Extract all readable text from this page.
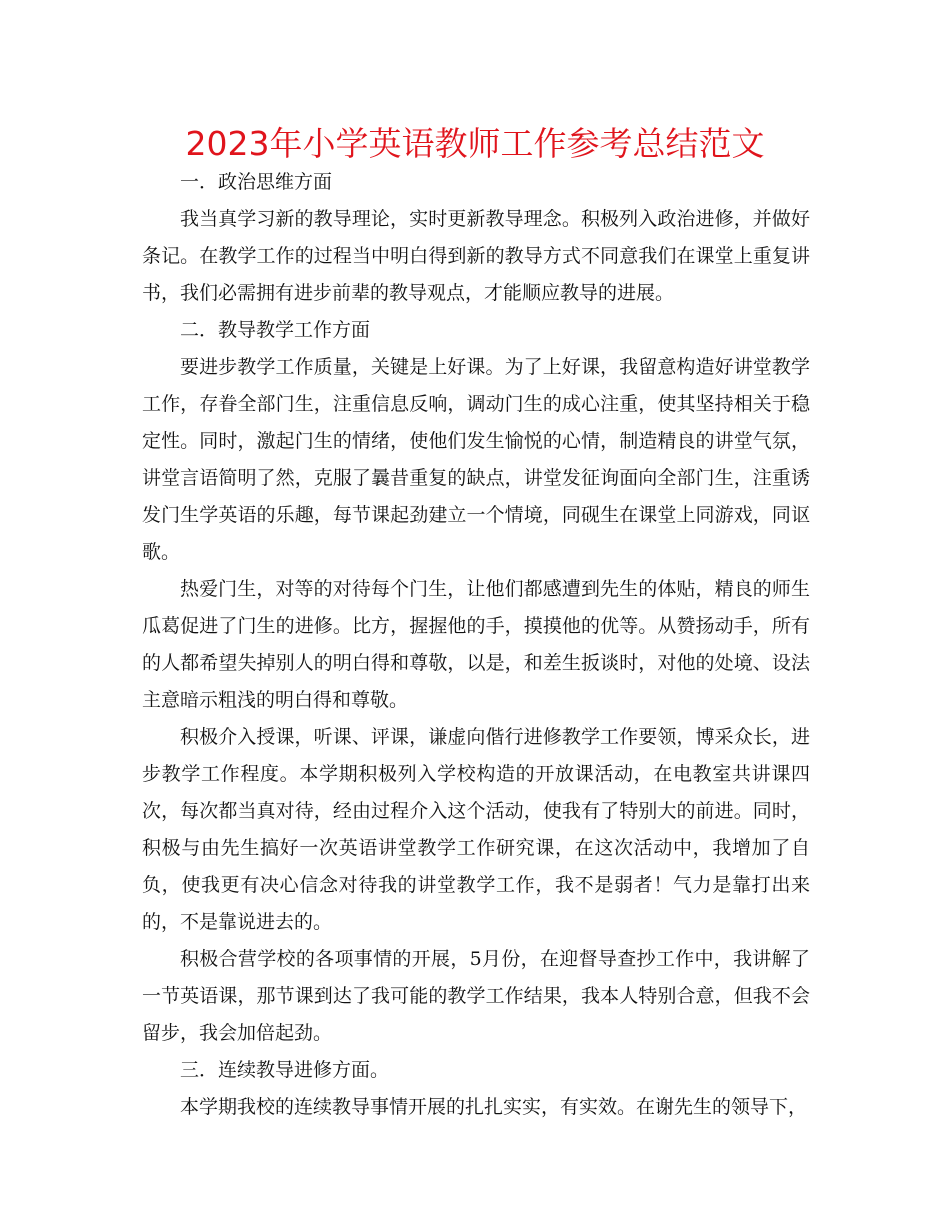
2023年小学英语教师工作参考总结范文

一．政治思维方面

我当真学习新的教导理论，实时更新教导理念。积极列入政治进修，并做好条记。在教学工作的过程当中明白得到新的教导方式不同意我们在课堂上重复讲书，我们必需拥有进步前辈的教导观点，才能顺应教导的进展。

二．教导教学工作方面

要进步教学工作质量，关键是上好课。为了上好课，我留意构造好讲堂教学工作，存眷全部门生，注重信息反响，调动门生的成心注重，使其坚持相关于稳定性。同时，激起门生的情绪，使他们发生愉悦的心情，制造精良的讲堂气氛，讲堂言语简明了然，克服了曩昔重复的缺点，讲堂发征询面向全部门生，注重诱发门生学英语的乐趣，每节课起劲建立一个情境，同砚生在课堂上同游戏，同讴歌。

热爱门生，对等的对待每个门生，让他们都感遭到先生的体贴，精良的师生瓜葛促进了门生的进修。比方，握握他的手，摸摸他的优等。从赞扬动手，所有的人都希望失掉别人的明白得和尊敬，以是，和差生扳谈时，对他的处境、设法主意暗示粗浅的明白得和尊敬。

积极介入授课，听课、评课，谦虚向偕行进修教学工作要领，博采众长，进步教学工作程度。本学期积极列入学校构造的开放课活动，在电教室共讲课四次，每次都当真对待，经由过程介入这个活动，使我有了特别大的前进。同时，积极与由先生搞好一次英语讲堂教学工作研究课，在这次活动中，我增加了自负，使我更有决心信念对待我的讲堂教学工作，我不是弱者！气力是靠打出来的，不是靠说进去的。

积极合营学校的各项事情的开展，5月份，在迎督导查抄工作中，我讲解了一节英语课，那节课到达了我可能的教学工作结果，我本人特别合意，但我不会留步，我会加倍起劲。

三．连续教导进修方面。

本学期我校的连续教导事情开展的扎扎实实，有实效。在谢先生的领导下，
